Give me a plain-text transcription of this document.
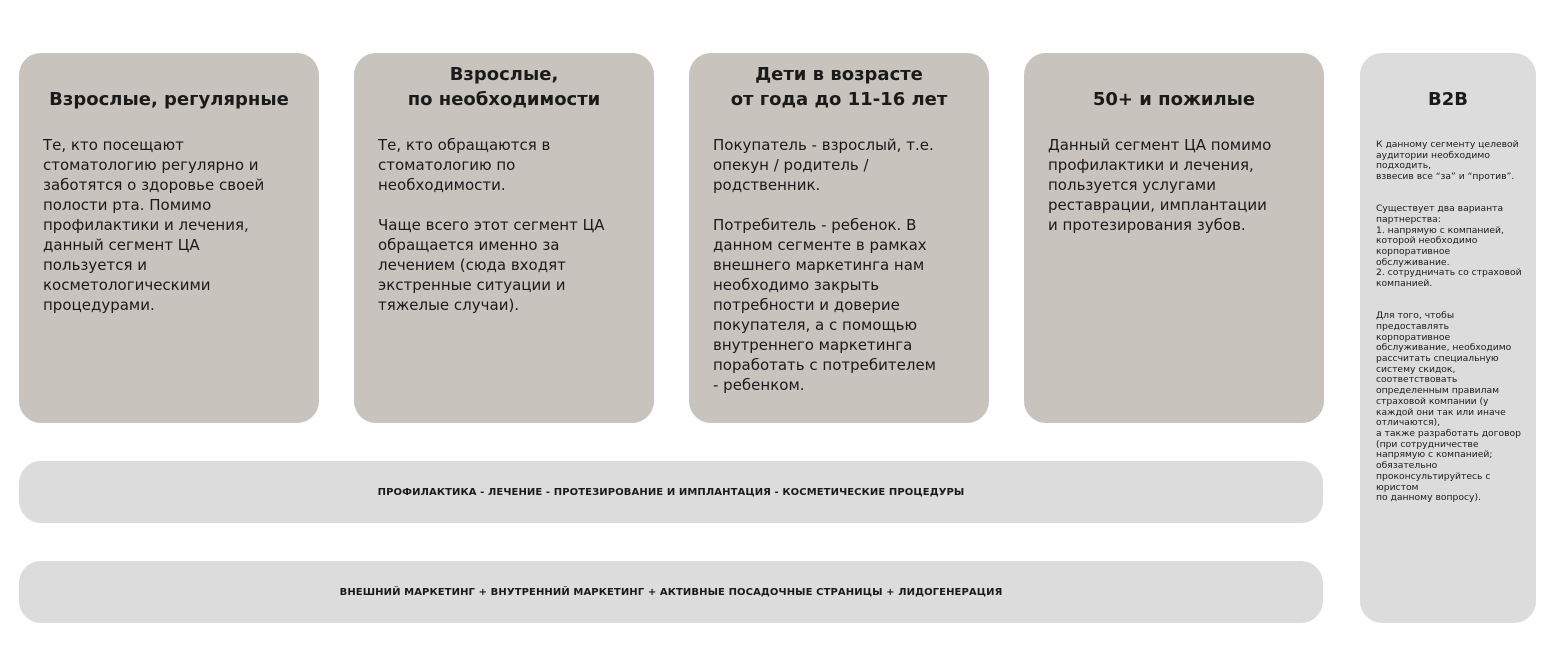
Взрослые, регулярные

Те, кто посещают
стоматологию регулярно и
заботятся о здоровье своей
полости рта. Помимо
профилактики и лечения,
данный сегмент ЦА
пользуется и
косметологическими
процедурами.

Взрослые,
по необходимости

Те, кто обращаются в
стоматологию по
необходимости.

Чаще всего этот сегмент ЦА
обращается именно за
лечением (сюда входят
экстренные ситуации и
тяжелые случаи).

Дети в возрасте
от года до 11-16 лет

Покупатель - взрослый, т.е.
опекун / родитель /
родственник.

Потребитель - ребенок. В
данном сегменте в рамках
внешнего маркетинга нам
необходимо закрыть
потребности и доверие
покупателя, а с помощью
внутреннего маркетинга
поработать с потребителем
- ребенком.

50+ и пожилые

Данный сегмент ЦА помимо
профилактики и лечения,
пользуется услугами
реставрации, имплантации
и протезирования зубов.

B2B

К данному сегменту целевой
аудитории необходимо
подходить,
взвесив все “за” и “против”.

Существует два варианта
партнерства:
1. напрямую с компанией,
которой необходимо
корпоративное
обслуживание.
2. сотрудничать со страховой
компанией.

Для того, чтобы
предоставлять
корпоративное
обслуживание, необходимо
рассчитать специальную
систему скидок,
соответствовать
определенным правилам
страховой компании (у
каждой они так или иначе
отличаются),
а также разработать договор
(при сотрудничестве
напрямую с компанией;
обязательно
проконсультируйтесь с
юристом
по данному вопросу).

ПРОФИЛАКТИКА - ЛЕЧЕНИЕ - ПРОТЕЗИРОВАНИЕ И ИМПЛАНТАЦИЯ - КОСМЕТИЧЕСКИЕ ПРОЦЕДУРЫ
ВНЕШНИЙ МАРКЕТИНГ + ВНУТРЕННИЙ МАРКЕТИНГ + АКТИВНЫЕ ПОСАДОЧНЫЕ СТРАНИЦЫ + ЛИДОГЕНЕРАЦИЯ
